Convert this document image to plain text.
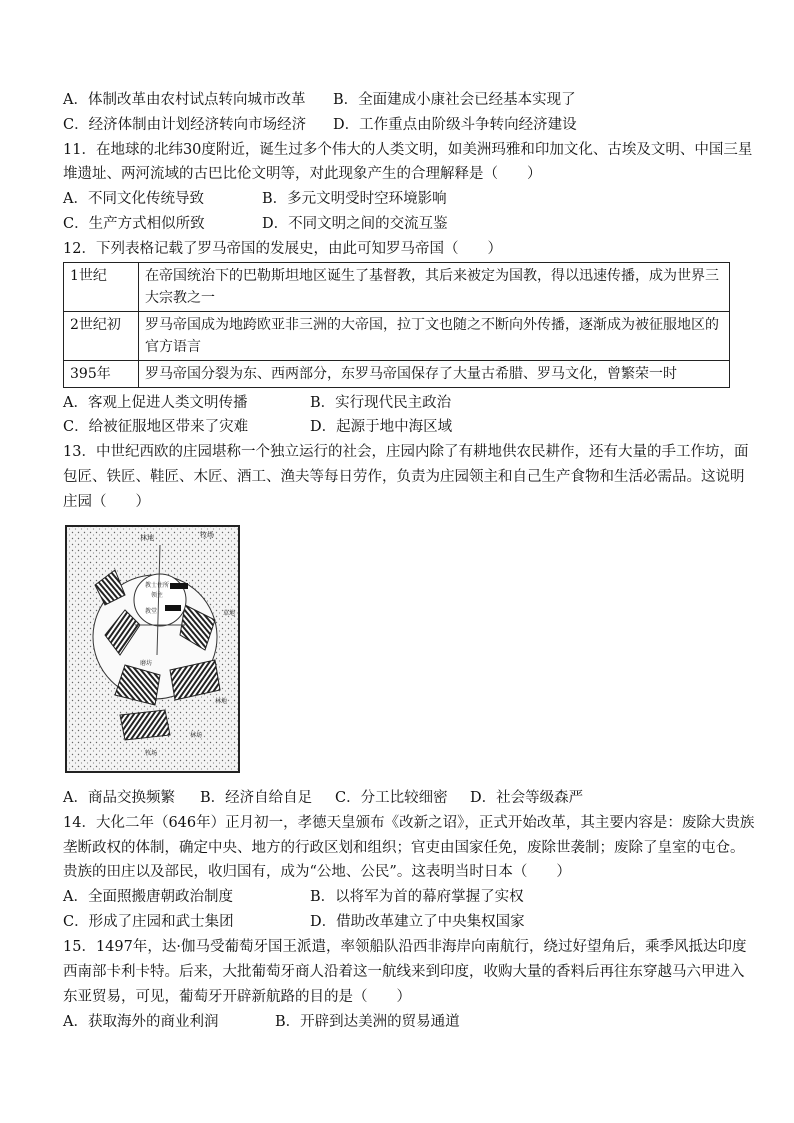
A．体制改革由农村试点转向城市改革 B．全面建成小康社会已经基本实现了
C．经济体制由计划经济转向市场经济 D．工作重点由阶级斗争转向经济建设
11．在地球的北纬30度附近，诞生过多个伟大的人类文明，如美洲玛雅和印加文化、古埃及文明、中国三星
堆遗址、两河流域的古巴比伦文明等，对此现象产生的合理解释是（　　）
A．不同文化传统导致	B．多元文明受时空环境影响
C．生产方式相似所致	D．不同文明之间的交流互鉴
12．下列表格记载了罗马帝国的发展史，由此可知罗马帝国（　　）
1世纪	在帝国统治下的巴勒斯坦地区诞生了基督教，其后来被定为国教，得以迅速传播，成为世界三
大宗教之一

2世纪初	罗马帝国成为地跨欧亚非三洲的大帝国，拉丁文也随之不断向外传播，逐渐成为被征服地区的
官方语言

395年	罗马帝国分裂为东、西两部分，东罗马帝国保存了大量古希腊、罗马文化，曾繁荣一时
A．客观上促进人类文明传播	B．实行现代民主政治
C．给被征服地区带来了灾难	D．起源于地中海区域
13．中世纪西欧的庄园堪称一个独立运行的社会，庄园内除了有耕地供农民耕作，还有大量的手工作坊，面
包匠、铁匠、鞋匠、木匠、酒工、渔夫等每日劳作，负责为庄园领主和自己生产食物和生活必需品。这说明
庄园（　　）
林地	牧场
教士住所
领主
教堂
磨坊
草地
林地
牧场
林场
A．商品交换频繁 B．经济自给自足 C．分工比较细密 D．社会等级森严
14．大化二年（646年）正月初一，孝德天皇颁布《改新之诏》，正式开始改革，其主要内容是：废除大贵族
垄断政权的体制，确定中央、地方的行政区划和组织；官吏由国家任免，废除世袭制；废除了皇室的屯仓。
贵族的田庄以及部民，收归国有，成为“公地、公民”。这表明当时日本（　　）
A．全面照搬唐朝政治制度	B．以将军为首的幕府掌握了实权
C．形成了庄园和武士集团	D．借助改革建立了中央集权国家
15．1497年，达·伽马受葡萄牙国王派遣，率领船队沿西非海岸向南航行，绕过好望角后，乘季风抵达印度
西南部卡利卡特。后来，大批葡萄牙商人沿着这一航线来到印度，收购大量的香料后再往东穿越马六甲进入
东亚贸易，可见，葡萄牙开辟新航路的目的是（　　）
A．获取海外的商业利润	B．开辟到达美洲的贸易通道
